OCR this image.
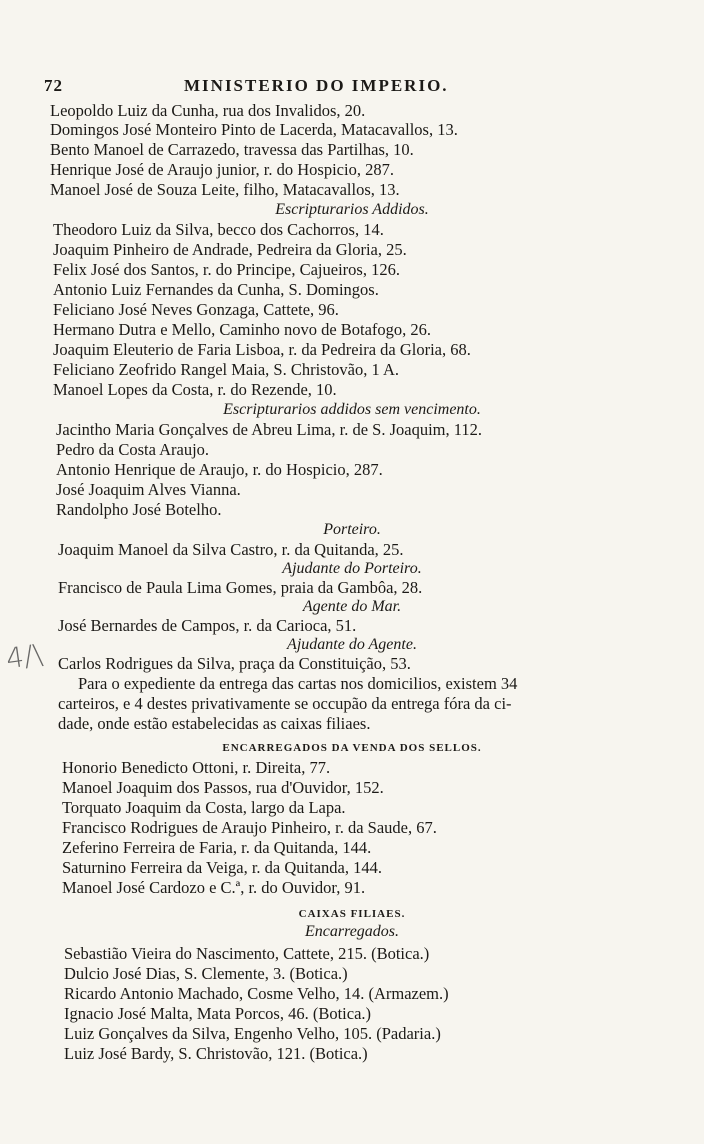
72	MINISTERIO DO IMPERIO.
4/\
Leopoldo Luiz da Cunha, rua dos Invalidos, 20.
Domingos José Monteiro Pinto de Lacerda, Matacavallos, 13.
Bento Manoel de Carrazedo, travessa das Partilhas, 10.
Henrique José de Araujo junior, r. do Hospicio, 287.
Manoel José de Souza Leite, filho, Matacavallos, 13.
Escripturarios Addidos.
Theodoro Luiz da Silva, becco dos Cachorros, 14.
Joaquim Pinheiro de Andrade, Pedreira da Gloria, 25.
Felix José dos Santos, r. do Principe, Cajueiros, 126.
Antonio Luiz Fernandes da Cunha, S. Domingos.
Feliciano José Neves Gonzaga, Cattete, 96.
Hermano Dutra e Mello, Caminho novo de Botafogo, 26.
Joaquim Eleuterio de Faria Lisboa, r. da Pedreira da Gloria, 68.
Feliciano Zeofrido Rangel Maia, S. Christovão, 1 A.
Manoel Lopes da Costa, r. do Rezende, 10.
Escripturarios addidos sem vencimento.
Jacintho Maria Gonçalves de Abreu Lima, r. de S. Joaquim, 112.
Pedro da Costa Araujo.
Antonio Henrique de Araujo, r. do Hospicio, 287.
José Joaquim Alves Vianna.
Randolpho José Botelho.
Porteiro.
Joaquim Manoel da Silva Castro, r. da Quitanda, 25.
Ajudante do Porteiro.
Francisco de Paula Lima Gomes, praia da Gambôa, 28.
Agente do Mar.
José Bernardes de Campos, r. da Carioca, 51.
Ajudante do Agente.
Carlos Rodrigues da Silva, praça da Constituição, 53.
Para o expediente da entrega das cartas nos domicilios, existem 34
carteiros, e 4 destes privativamente se occupão da entrega fóra da ci-
dade, onde estão estabelecidas as caixas filiaes.
ENCARREGADOS DA VENDA DOS SELLOS.
Honorio Benedicto Ottoni, r. Direita, 77.
Manoel Joaquim dos Passos, rua d'Ouvidor, 152.
Torquato Joaquim da Costa, largo da Lapa.
Francisco Rodrigues de Araujo Pinheiro, r. da Saude, 67.
Zeferino Ferreira de Faria, r. da Quitanda, 144.
Saturnino Ferreira da Veiga, r. da Quitanda, 144.
Manoel José Cardozo e C.ª, r. do Ouvidor, 91.
CAIXAS FILIAES.
Encarregados.
Sebastião Vieira do Nascimento, Cattete, 215. (Botica.)
Dulcio José Dias, S. Clemente, 3. (Botica.)
Ricardo Antonio Machado, Cosme Velho, 14. (Armazem.)
Ignacio José Malta, Mata Porcos, 46. (Botica.)
Luiz Gonçalves da Silva, Engenho Velho, 105. (Padaria.)
Luiz José Bardy, S. Christovão, 121. (Botica.)
